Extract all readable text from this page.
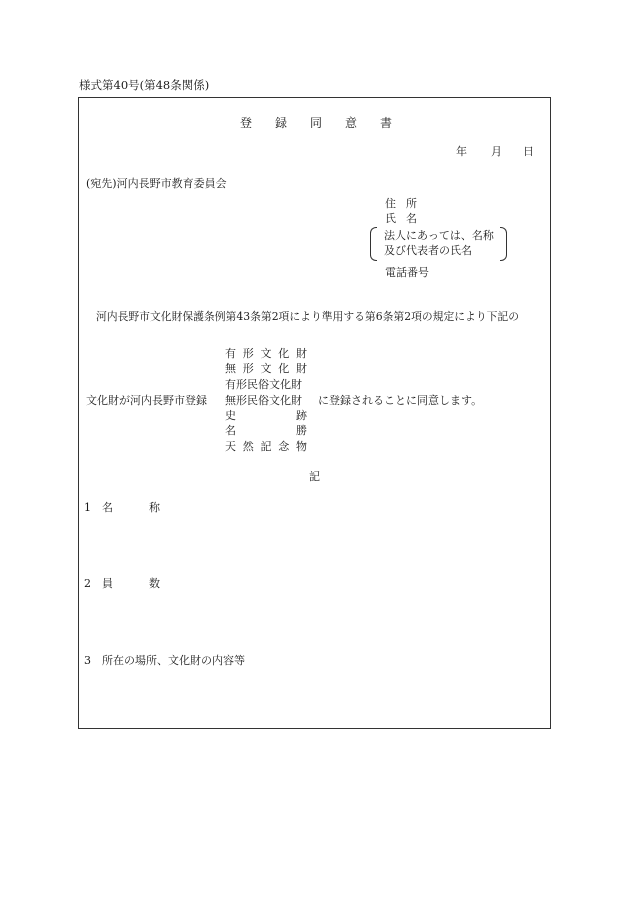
様式第40号(第48条関係)
登 録 同 意 書
年 月 日
(宛先)河内長野市教育委員会
住 所
氏 名
法人にあっては、名称
及び代表者の氏名
電話番号
河内長野市文化財保護条例第43条第2項により準用する第6条第2項の規定により下記の
文化財が河内長野市登録	に登録されることに同意します。
有 形 文 化 財
無 形 文 化 財
有形民俗文化財
無形民俗文化財
史	跡
名	勝
天 然 記 念 物
記
1 名	称
2 員	数
3 所在の場所、文化財の内容等
